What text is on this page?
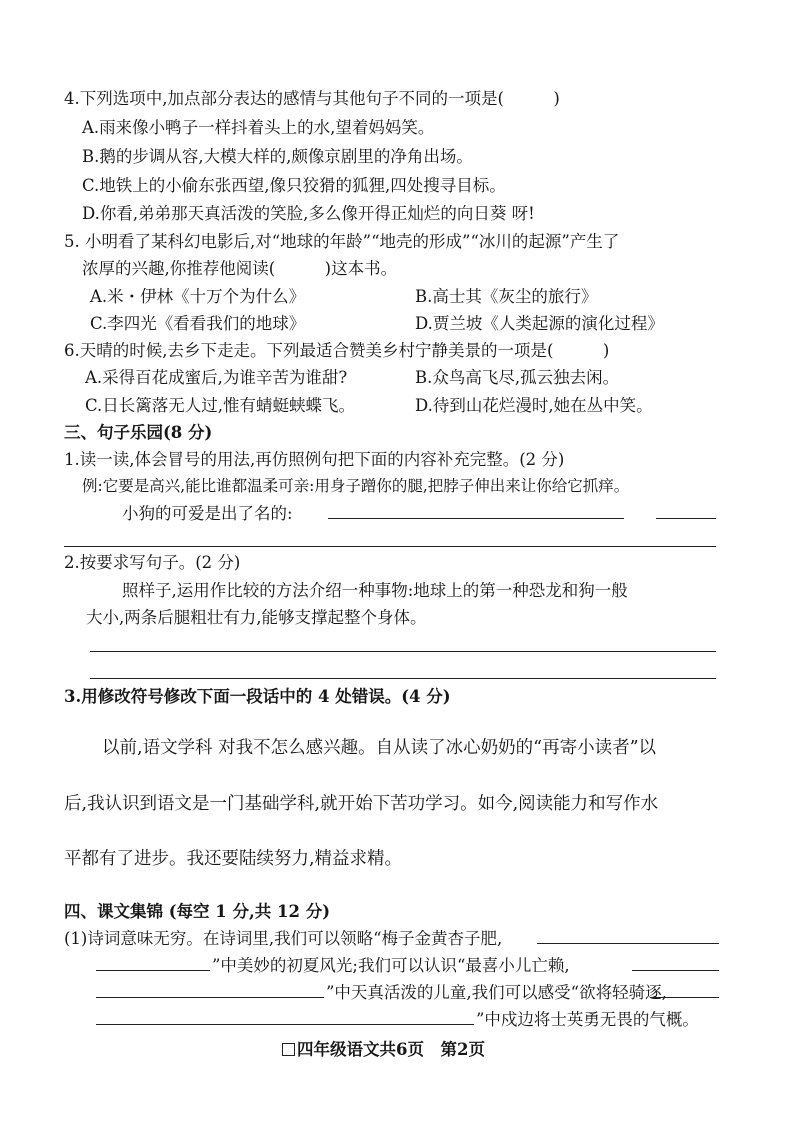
4.下列选项中,加点部分表达的感情与其他句子不同的一项是(　　　)
A.雨来像小鸭子一样抖着头上的水,望着妈妈笑。
B.鹅的步调从容,大模大样的,颇像京剧里的净角出场。
C.地铁上的小偷东张西望,像只狡猾的狐狸,四处搜寻目标。
D.你看,弟弟那天真活泼的笑脸,多么像开得正灿烂的向日葵 呀!
5. 小明看了某科幻电影后,对“地球的年龄”“地壳的形成”“冰川的起源”产生了
浓厚的兴趣,你推荐他阅读(　　　)这本书。
A.米・伊林《十万个为什么》	B.高士其《灰尘的旅行》
C.李四光《看看我们的地球》	D.贾兰坡《人类起源的演化过程》
6.天晴的时候,去乡下走走。下列最适合赞美乡村宁静美景的一项是(　　　)
A.采得百花成蜜后,为谁辛苦为谁甜?	B.众鸟高飞尽,孤云独去闲。
C.日长篱落无人过,惟有蜻蜓蛱蝶飞。	D.待到山花烂漫时,她在丛中笑。
三、句子乐园(8 分)
1.读一读,体会冒号的用法,再仿照例句把下面的内容补充完整。(2 分)
例:它要是高兴,能比谁都温柔可亲:用身子蹭你的腿,把脖子伸出来让你给它抓痒。
小狗的可爱是出了名的:
2.按要求写句子。(2 分)
照样子,运用作比较的方法介绍一种事物:地球上的第一种恐龙和狗一般
大小,两条后腿粗壮有力,能够支撑起整个身体。
3.用修改符号修改下面一段话中的 4 处错误。(4 分)
以前,语文学科 对我不怎么感兴趣。自从读了冰心奶奶的“再寄小读者”以
后,我认识到语文是一门基础学科,就开始下苦功学习。如今,阅读能力和写作水
平都有了进步。我还要陆续努力,精益求精。
四、课文集锦 (每空 1 分,共 12 分)
(1)诗词意味无穷。在诗词里,我们可以领略“梅子金黄杏子肥,
”中美妙的初夏风光;我们可以认识“最喜小儿亡赖,
”中天真活泼的儿童,我们可以感受“欲将轻骑逐,
”中戍边将士英勇无畏的气概。
四年级语文共6页　第2页
